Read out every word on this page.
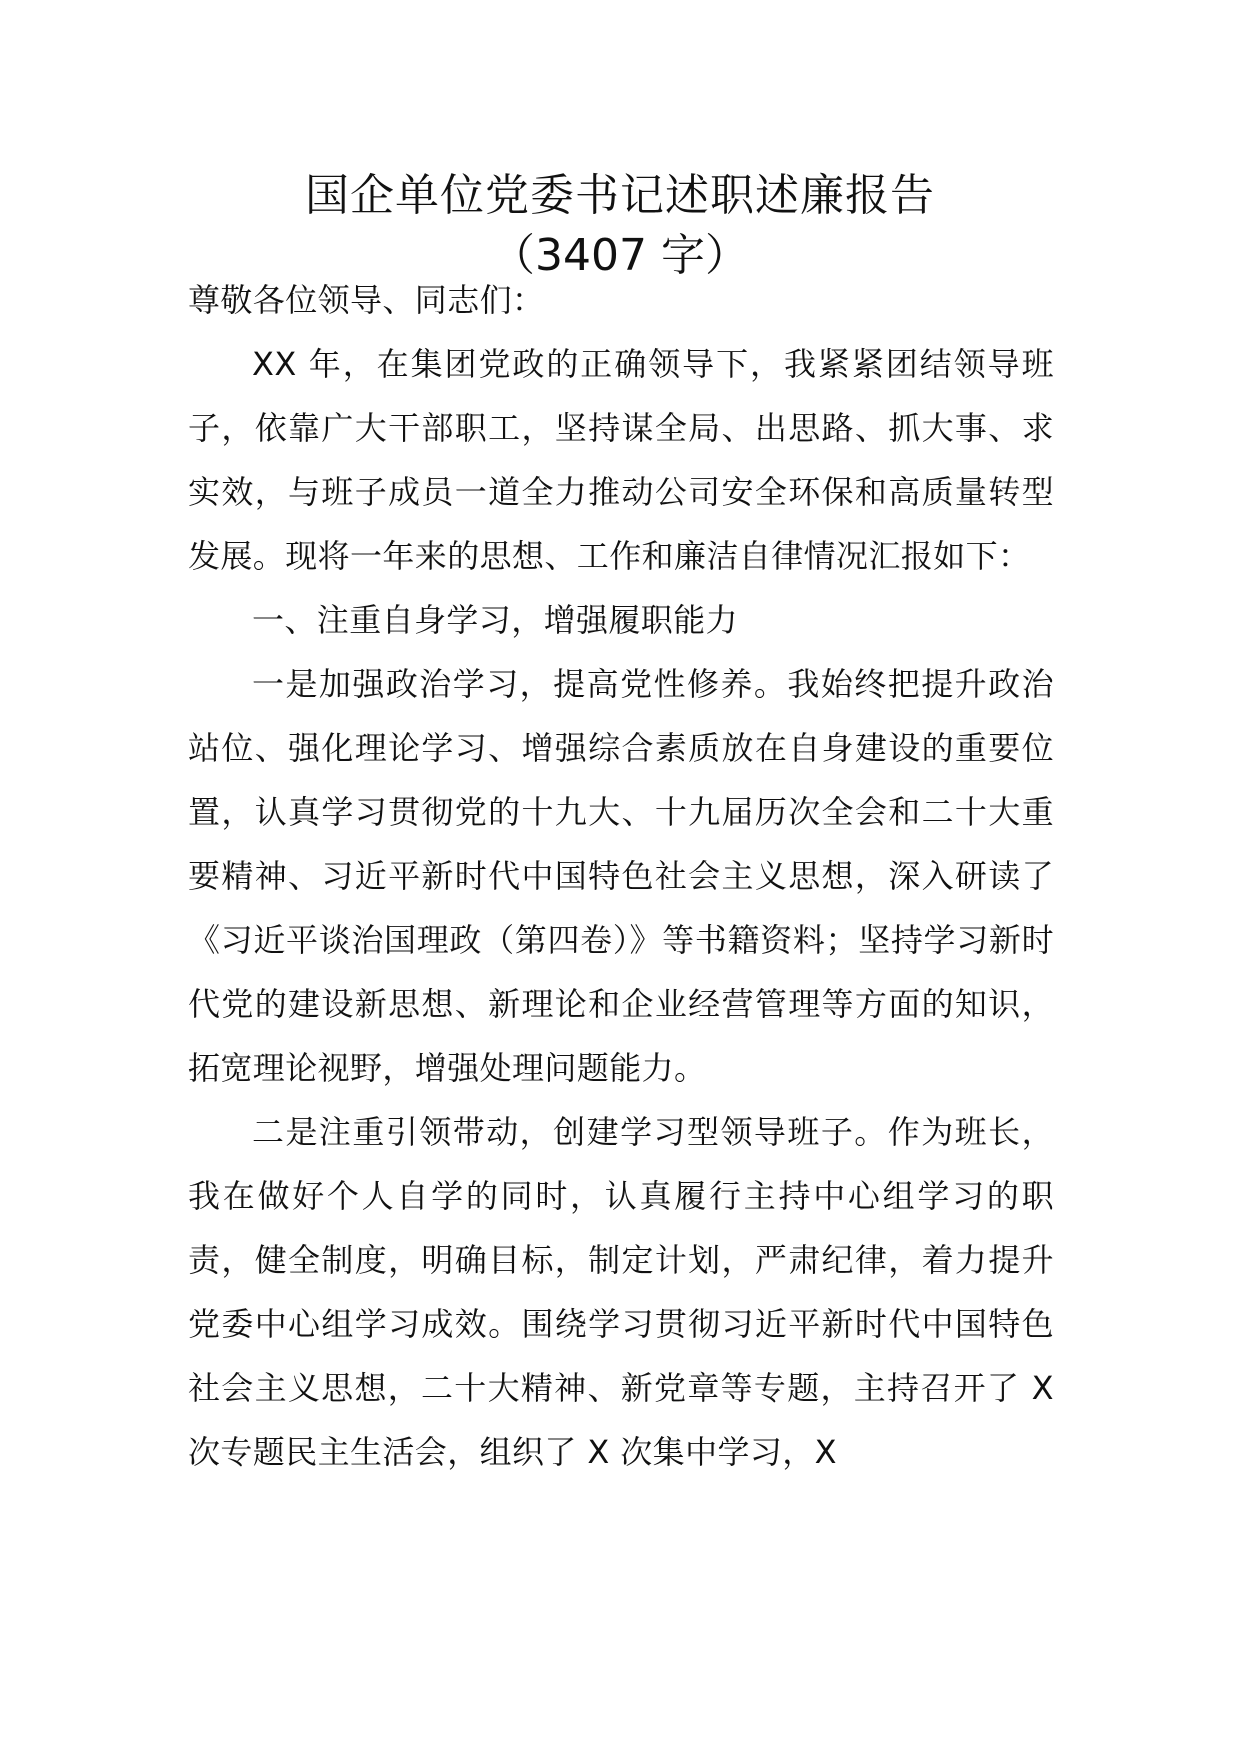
国企单位党委书记述职述廉报告
（3407 字）

尊敬各位领导、同志们：

XX 年，在集团党政的正确领导下，我紧紧团结领导班子，依靠广大干部职工，坚持谋全局、出思路、抓大事、求实效，与班子成员一道全力推动公司安全环保和高质量转型发展。现将一年来的思想、工作和廉洁自律情况汇报如下：

一、注重自身学习，增强履职能力

一是加强政治学习，提高党性修养。我始终把提升政治站位、强化理论学习、增强综合素质放在自身建设的重要位置，认真学习贯彻党的十九大、十九届历次全会和二十大重要精神、习近平新时代中国特色社会主义思想，深入研读了《习近平谈治国理政（第四卷）》等书籍资料；坚持学习新时代党的建设新思想、新理论和企业经营管理等方面的知识，拓宽理论视野，增强处理问题能力。

二是注重引领带动，创建学习型领导班子。作为班长，我在做好个人自学的同时，认真履行主持中心组学习的职责，健全制度，明确目标，制定计划，严肃纪律，着力提升党委中心组学习成效。围绕学习贯彻习近平新时代中国特色社会主义思想，二十大精神、新党章等专题，主持召开了 X 次专题民主生活会，组织了 X 次集中学习，X
